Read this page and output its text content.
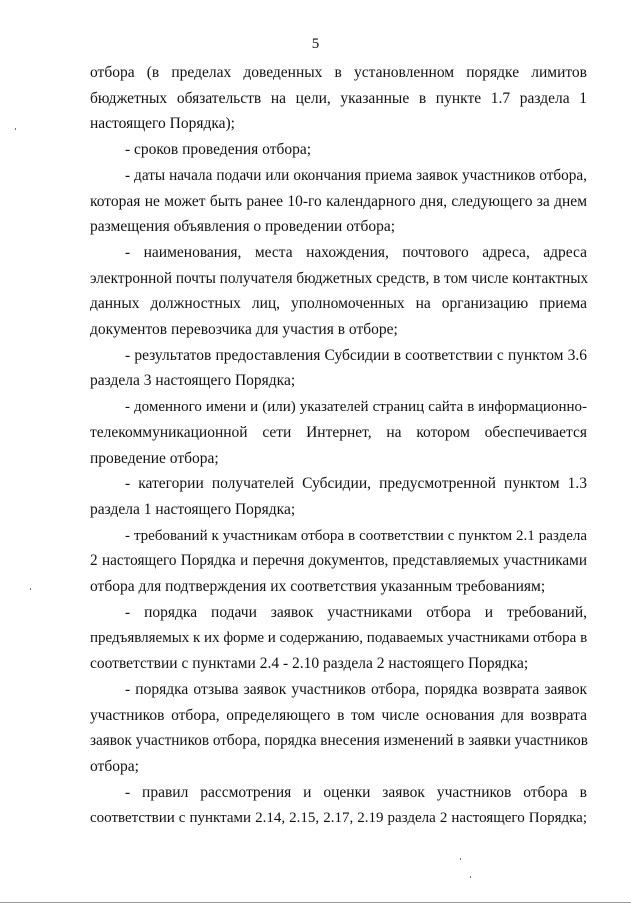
5
отбора (в пределах доведенных в установленном порядке лимитов
бюджетных обязательств на цели, указанные в пункте 1.7 раздела 1
настоящего Порядка);
- сроков проведения отбора;
- даты начала подачи или окончания приема заявок участников отбора,
которая не может быть ранее 10-го календарного дня, следующего за днем
размещения объявления о проведении отбора;
- наименования, места нахождения, почтового адреса, адреса
электронной почты получателя бюджетных средств, в том числе контактных
данных должностных лиц, уполномоченных на организацию приема
документов перевозчика для участия в отборе;
- результатов предоставления Субсидии в соответствии с пунктом 3.6
раздела 3 настоящего Порядка;
- доменного имени и (или) указателей страниц сайта в информационно-
телекоммуникационной сети Интернет, на котором обеспечивается
проведение отбора;
- категории получателей Субсидии, предусмотренной пунктом 1.3
раздела 1 настоящего Порядка;
- требований к участникам отбора в соответствии с пунктом 2.1 раздела
2 настоящего Порядка и перечня документов, представляемых участниками
отбора для подтверждения их соответствия указанным требованиям;
- порядка подачи заявок участниками отбора и требований,
предъявляемых к их форме и содержанию, подаваемых участниками отбора в
соответствии с пунктами 2.4 - 2.10 раздела 2 настоящего Порядка;
- порядка отзыва заявок участников отбора, порядка возврата заявок
участников отбора, определяющего в том числе основания для возврата
заявок участников отбора, порядка внесения изменений в заявки участников
отбора;
- правил рассмотрения и оценки заявок участников отбора в
соответствии с пунктами 2.14, 2.15, 2.17, 2.19 раздела 2 настоящего Порядка;
